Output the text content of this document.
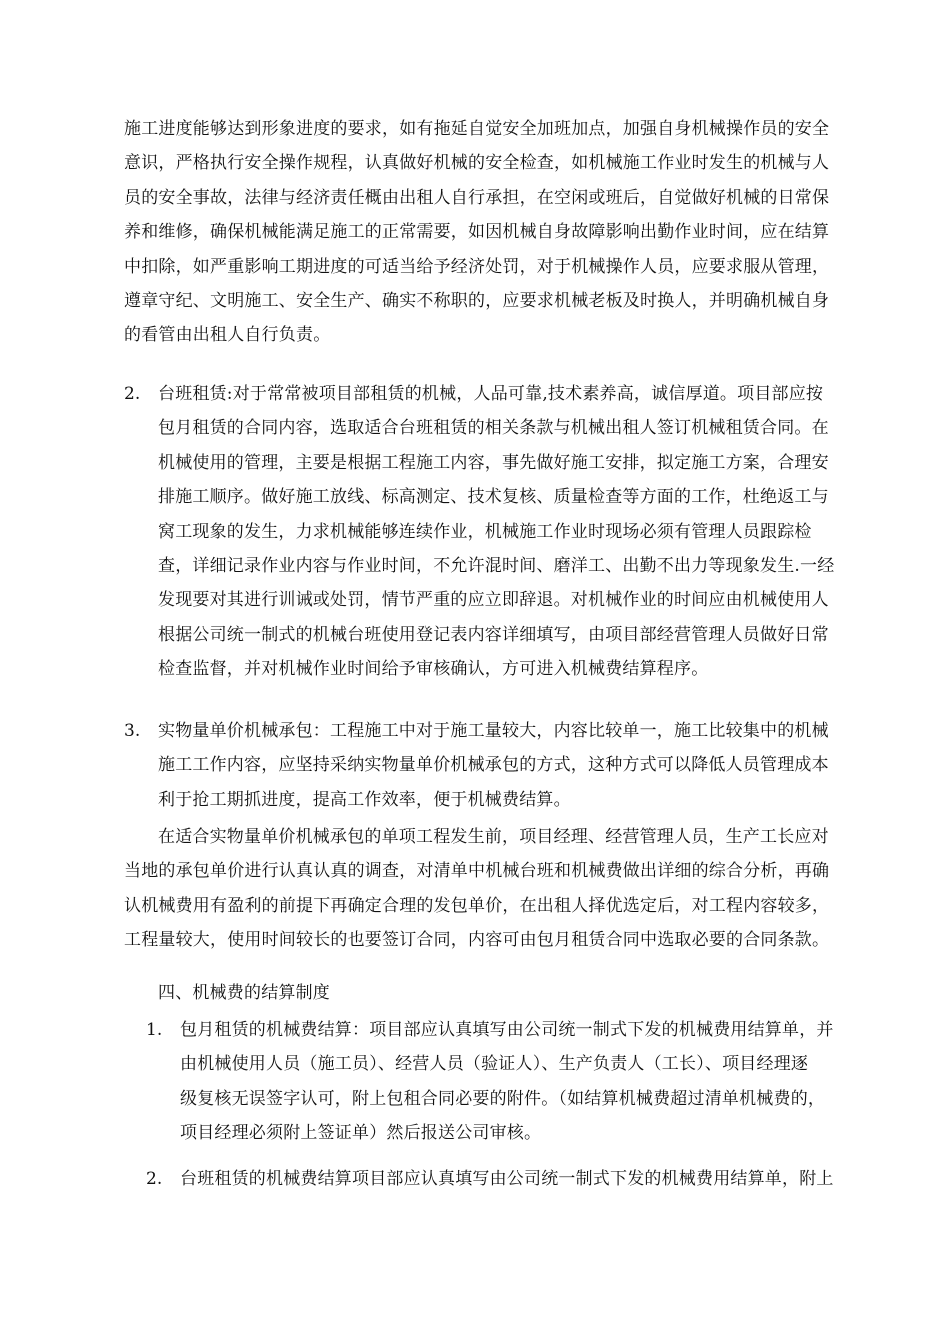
施工进度能够达到形象进度的要求，如有拖延自觉安全加班加点，加强自身机械操作员的安全
意识，严格执行安全操作规程，认真做好机械的安全检查，如机械施工作业时发生的机械与人
员的安全事故，法律与经济责任概由出租人自行承担，在空闲或班后，自觉做好机械的日常保
养和维修，确保机械能满足施工的正常需要，如因机械自身故障影响出勤作业时间，应在结算
中扣除，如严重影响工期进度的可适当给予经济处罚，对于机械操作人员，应要求服从管理，
遵章守纪、文明施工、安全生产、确实不称职的，应要求机械老板及时换人，并明确机械自身
的看管由出租人自行负责。
2. 台班租赁:对于常常被项目部租赁的机械，人品可靠,技术素养高，诚信厚道。项目部应按
包月租赁的合同内容，选取适合台班租赁的相关条款与机械出租人签订机械租赁合同。在
机械使用的管理，主要是根据工程施工内容，事先做好施工安排，拟定施工方案，合理安
排施工顺序。做好施工放线、标高测定、技术复核、质量检查等方面的工作，杜绝返工与
窝工现象的发生，力求机械能够连续作业，机械施工作业时现场必须有管理人员跟踪检
查，详细记录作业内容与作业时间，不允许混时间、磨洋工、出勤不出力等现象发生.一经
发现要对其进行训诫或处罚，情节严重的应立即辞退。对机械作业的时间应由机械使用人
根据公司统一制式的机械台班使用登记表内容详细填写，由项目部经营管理人员做好日常
检查监督，并对机械作业时间给予审核确认，方可进入机械费结算程序。
3. 实物量单价机械承包：工程施工中对于施工量较大，内容比较单一，施工比较集中的机械
施工工作内容，应坚持采纳实物量单价机械承包的方式，这种方式可以降低人员管理成本
利于抢工期抓进度，提高工作效率，便于机械费结算。
在适合实物量单价机械承包的单项工程发生前，项目经理、经营管理人员，生产工长应对
当地的承包单价进行认真认真的调查，对清单中机械台班和机械费做出详细的综合分析，再确
认机械费用有盈利的前提下再确定合理的发包单价，在出租人择优选定后，对工程内容较多，
工程量较大，使用时间较长的也要签订合同，内容可由包月租赁合同中选取必要的合同条款。
四、机械费的结算制度
1. 包月租赁的机械费结算：项目部应认真填写由公司统一制式下发的机械费用结算单，并
由机械使用人员（施工员）、经营人员（验证人）、生产负责人（工长）、项目经理逐
级复核无误签字认可，附上包租合同必要的附件。（如结算机械费超过清单机械费的，
项目经理必须附上签证单）然后报送公司审核。
2. 台班租赁的机械费结算项目部应认真填写由公司统一制式下发的机械费用结算单，附上
